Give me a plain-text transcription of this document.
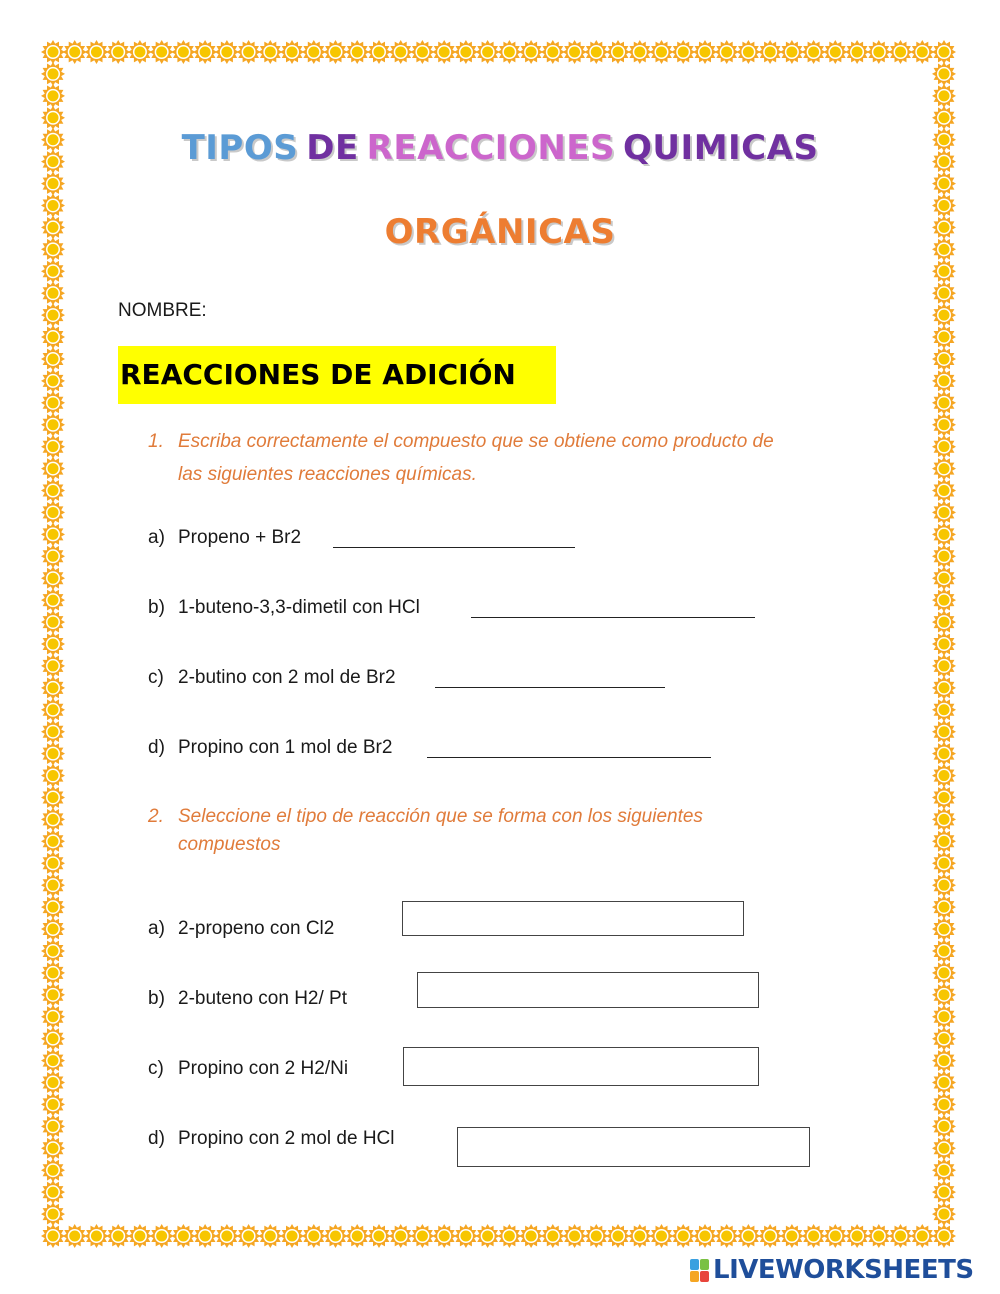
TIPOS DE REACCIONES QUIMICAS
ORGÁNICAS
NOMBRE:
REACCIONES DE ADICIÓN
1. Escriba correctamente el compuesto que se obtiene como producto de
las siguientes reacciones químicas.
a) Propeno + Br2
b) 1-buteno-3,3-dimetil con HCl
c) 2-butino con 2 mol de Br2
d) Propino con 1 mol de Br2
2. Seleccione el tipo de reacción que se forma con los siguientes
compuestos
a) 2-propeno con Cl2
b) 2-buteno con H2/ Pt
c) Propino con 2 H2/Ni
d) Propino con 2 mol de HCl
LIVEWORKSHEETS
